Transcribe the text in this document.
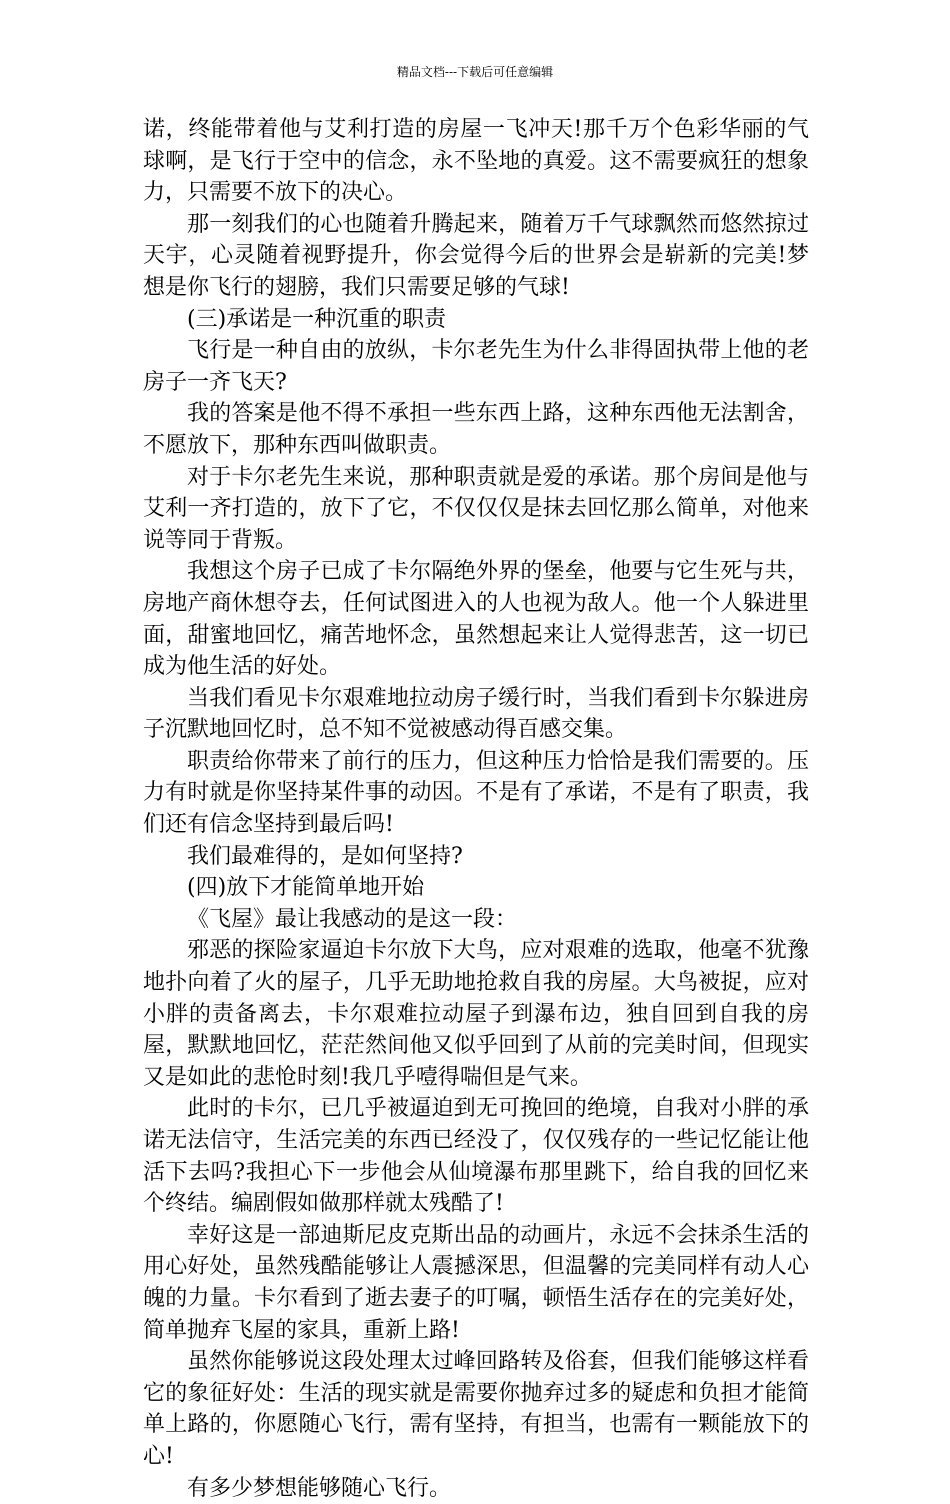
精品文档---下载后可任意编辑

诺，终能带着他与艾利打造的房屋一飞冲天!那千万个色彩华丽的气球啊，是飞行于空中的信念，永不坠地的真爱。这不需要疯狂的想象力，只需要不放下的决心。

那一刻我们的心也随着升腾起来，随着万千气球飘然而悠然掠过天宇，心灵随着视野提升，你会觉得今后的世界会是崭新的完美!梦想是你飞行的翅膀，我们只需要足够的气球!

(三)承诺是一种沉重的职责

飞行是一种自由的放纵，卡尔老先生为什么非得固执带上他的老房子一齐飞天?

我的答案是他不得不承担一些东西上路，这种东西他无法割舍，不愿放下，那种东西叫做职责。

对于卡尔老先生来说，那种职责就是爱的承诺。那个房间是他与艾利一齐打造的，放下了它，不仅仅仅是抹去回忆那么简单，对他来说等同于背叛。

我想这个房子已成了卡尔隔绝外界的堡垒，他要与它生死与共，房地产商休想夺去，任何试图进入的人也视为敌人。他一个人躲进里面，甜蜜地回忆，痛苦地怀念，虽然想起来让人觉得悲苦，这一切已成为他生活的好处。

当我们看见卡尔艰难地拉动房子缓行时，当我们看到卡尔躲进房子沉默地回忆时，总不知不觉被感动得百感交集。

职责给你带来了前行的压力，但这种压力恰恰是我们需要的。压力有时就是你坚持某件事的动因。不是有了承诺，不是有了职责，我们还有信念坚持到最后吗!

我们最难得的，是如何坚持?

(四)放下才能简单地开始

《飞屋》最让我感动的是这一段：

邪恶的探险家逼迫卡尔放下大鸟，应对艰难的选取，他毫不犹豫地扑向着了火的屋子，几乎无助地抢救自我的房屋。大鸟被捉，应对小胖的责备离去，卡尔艰难拉动屋子到瀑布边，独自回到自我的房屋，默默地回忆，茫茫然间他又似乎回到了从前的完美时间，但现实又是如此的悲怆时刻!我几乎噎得喘但是气来。

此时的卡尔，已几乎被逼迫到无可挽回的绝境，自我对小胖的承诺无法信守，生活完美的东西已经没了，仅仅残存的一些记忆能让他活下去吗?我担心下一步他会从仙境瀑布那里跳下，给自我的回忆来个终结。编剧假如做那样就太残酷了!

幸好这是一部迪斯尼皮克斯出品的动画片，永远不会抹杀生活的用心好处，虽然残酷能够让人震撼深思，但温馨的完美同样有动人心魄的力量。卡尔看到了逝去妻子的叮嘱，顿悟生活存在的完美好处，简单抛弃飞屋的家具，重新上路!

虽然你能够说这段处理太过峰回路转及俗套，但我们能够这样看它的象征好处：生活的现实就是需要你抛弃过多的疑虑和负担才能简单上路的，你愿随心飞行，需有坚持，有担当，也需有一颗能放下的心!

有多少梦想能够随心飞行。
